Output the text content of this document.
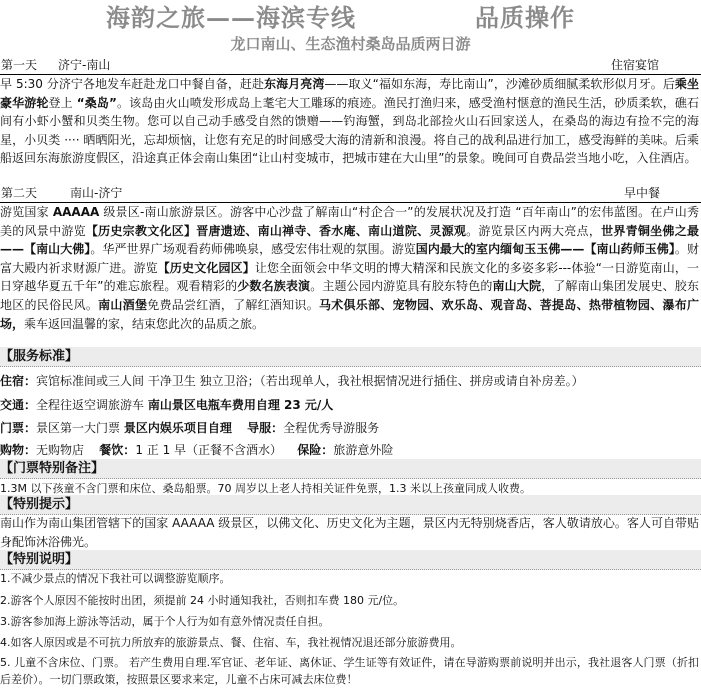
海韵之旅——海滨专线	品质操作
龙口南山、生态渔村桑岛品质两日游
第一天 济宁-南山	住宿宴馆
早 5:30 分济宁各地发车赶赴龙口中餐自备，赶赴东海月亮湾——取义“福如东海，寿比南山”，沙滩砂质细腻柔软形似月牙。后乘坐豪华游轮登上 “桑岛”。该岛由火山喷发形成岛上耄宅大工雕琢的痕迹。渔民打渔归来，感受渔村惬意的渔民生活，砂质柔软，礁石间有小虾小蟹和贝类生物。您可以自己动手感受自然的馈赠——钓海蟹，到岛北部捡火山石回家送人，在桑岛的海边有捡不完的海星，小贝类 ···· 晒晒阳光，忘却烦恼，让您有充足的时间感受大海的清新和浪漫。将自己的战利品进行加工，感受海鲜的美味。后乘船返回东海旅游度假区，沿途真正体会南山集团“让山村变城市，把城市建在大山里”的景象。晚间可自费品尝当地小吃，入住酒店。
第二天	南山-济宁	早中餐
游览国家 AAAAA 级景区-南山旅游景区。游客中心沙盘了解南山“村企合一”的发展状况及打造 “百年南山”的宏伟蓝图。在卢山秀美的风景中游览【历史宗教文化区】晋唐遗迹、南山禅寺、香水庵、南山道院、灵源观。游览景区内两大亮点，世界青铜坐佛之最——【南山大佛】。华严世界广场观看药师佛唤泉，感受宏伟壮观的氛围。游览国内最大的室内缅甸玉玉佛——【南山药师玉佛】。财富大殿内祈求财源广进。游览【历史文化园区】让您全面领会中华文明的博大精深和民族文化的多姿多彩---体验“一日游览南山，一日穿越华夏五千年”的难忘旅程。观看精彩的少数名族表演。主题公园内游览具有胶东特色的南山大院，了解南山集团发展史、胶东地区的民俗民风。南山酒堡免费品尝红酒，了解红酒知识。马术俱乐部、宠物园、欢乐岛、观音岛、菩提岛、热带植物园、瀑布广场，乘车返回温馨的家，结束您此次的品质之旅。
【服务标准】
住宿：宾馆标准间或三人间 干净卫生 独立卫浴；（若出现单人，我社根据情况进行插住、拼房或请自补房差。）
交通：全程往返空调旅游车 南山景区电瓶车费用自理 23 元/人
门票：景区第一大门票 景区内娱乐项目自理 导服：全程优秀导游服务
购物：无购物店 餐饮：1 正 1 早（正餐不含酒水） 保险：旅游意外险
【门票特别备注】
1.3M 以下孩童不含门票和床位、桑岛船票。70 周岁以上老人持相关证件免票，1.3 米以上孩童同成人收费。
【特别提示】
南山作为南山集团管辖下的国家 AAAAA 级景区，以佛文化、历史文化为主题，景区内无特别烧香店，客人敬请放心。客人可自带贴身配饰沐浴佛光。
【特别说明】
1.不减少景点的情况下我社可以调整游览顺序。
2.游客个人原因不能按时出团，须提前 24 小时通知我社，否则扣车费 180 元/位。
3.游客参加海上游泳等活动，属于个人行为如有意外情况责任自担。
4.如客人原因或是不可抗力所放弃的旅游景点、餐、住宿、车，我社视情况退还部分旅游费用。
5. 儿童不含床位、门票。 若产生费用自理.军官证、老年证、离休证、学生证等有效证件，请在导游购票前说明并出示，我社退客人门票（折扣后差价）。一切门票政策，按照景区要求来定，儿童不占床可减去床位费！
